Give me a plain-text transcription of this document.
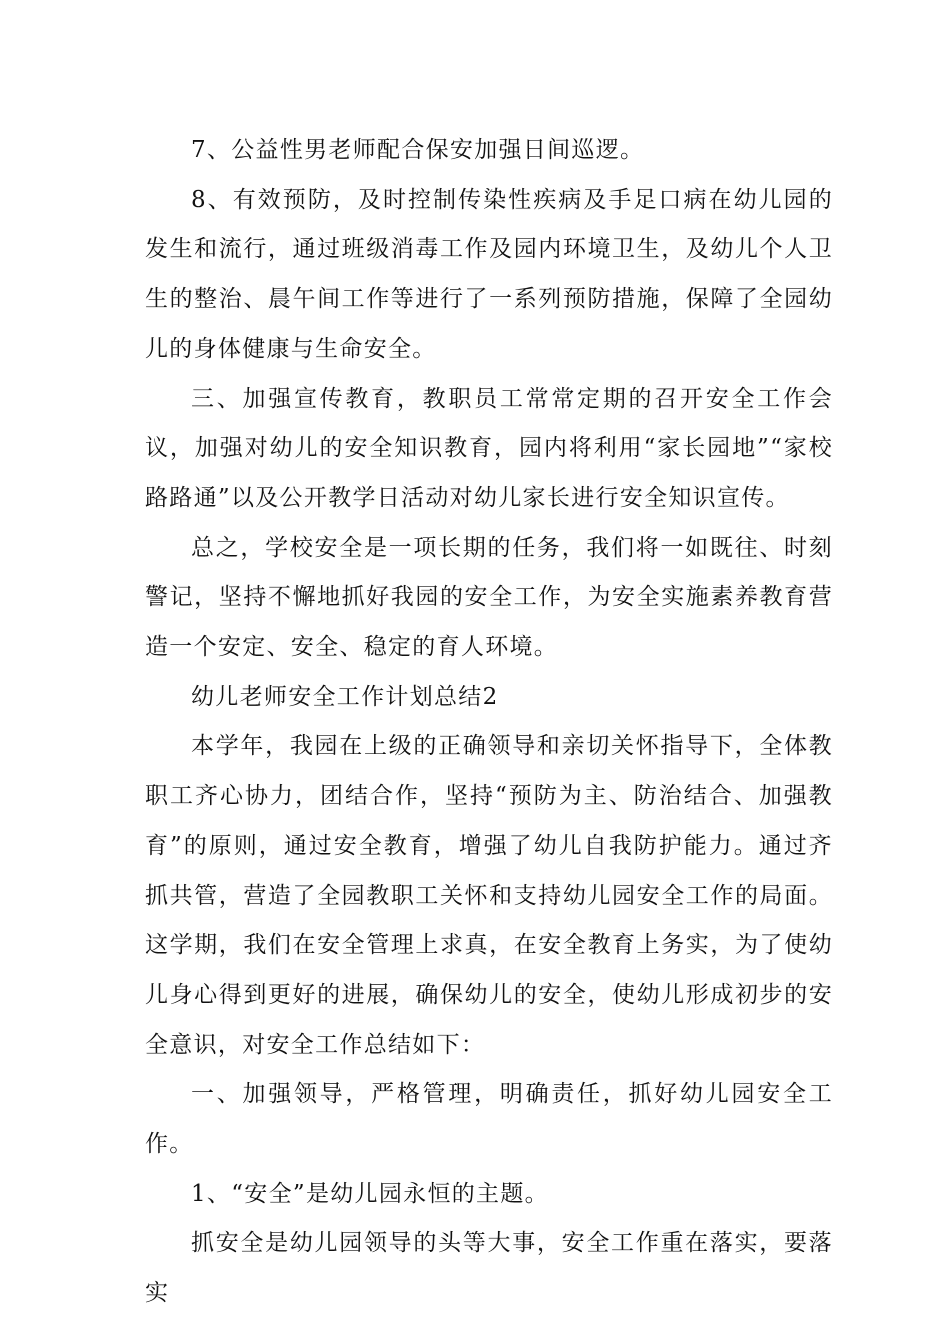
7、公益性男老师配合保安加强日间巡逻。

8、有效预防，及时控制传染性疾病及手足口病在幼儿园的发生和流行，通过班级消毒工作及园内环境卫生，及幼儿个人卫生的整治、晨午间工作等进行了一系列预防措施，保障了全园幼儿的身体健康与生命安全。

三、加强宣传教育，教职员工常常定期的召开安全工作会议，加强对幼儿的安全知识教育，园内将利用“家长园地”“家校路路通”以及公开教学日活动对幼儿家长进行安全知识宣传。

总之，学校安全是一项长期的任务，我们将一如既往、时刻警记，坚持不懈地抓好我园的安全工作，为安全实施素养教育营造一个安定、安全、稳定的育人环境。

幼儿老师安全工作计划总结2

本学年，我园在上级的正确领导和亲切关怀指导下，全体教职工齐心协力，团结合作，坚持“预防为主、防治结合、加强教育”的原则，通过安全教育，增强了幼儿自我防护能力。通过齐抓共管，营造了全园教职工关怀和支持幼儿园安全工作的局面。这学期，我们在安全管理上求真，在安全教育上务实，为了使幼儿身心得到更好的进展，确保幼儿的安全，使幼儿形成初步的安全意识，对安全工作总结如下：

一、加强领导，严格管理，明确责任，抓好幼儿园安全工作。

1、“安全”是幼儿园永恒的主题。

抓安全是幼儿园领导的头等大事，安全工作重在落实，要落实
